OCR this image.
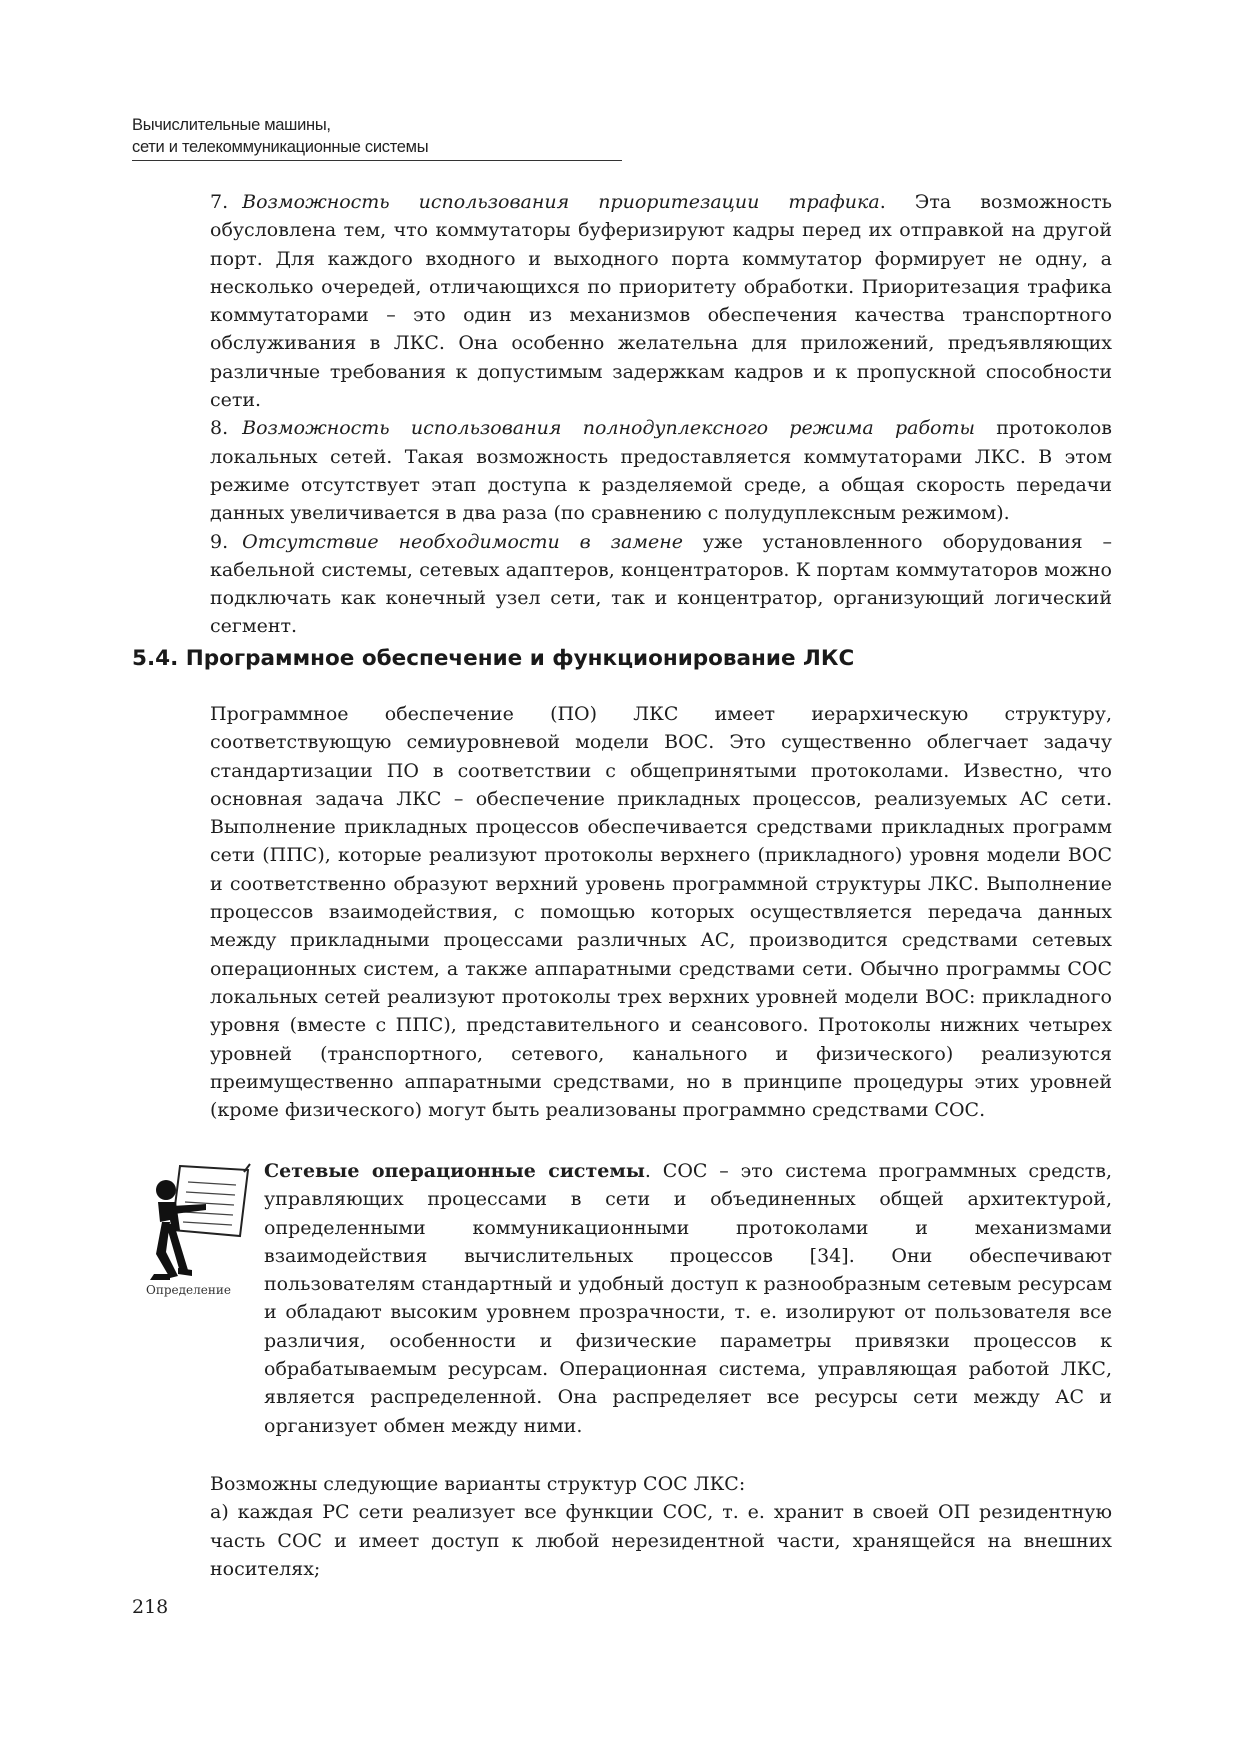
Вычислительные машины,
сети и телекоммуникационные системы

7. Возможность использования приоритезации трафика. Эта возможность обусловлена тем, что коммутаторы буферизируют кадры перед их отправкой на другой порт. Для каждого входного и выходного порта коммутатор формирует не одну, а несколько очередей, отличающихся по приоритету обработки. Приоритезация трафика коммутаторами – это один из механизмов обеспечения качества транспортного обслуживания в ЛКС. Она особенно желательна для приложений, предъявляющих различные требования к допустимым задержкам кадров и к пропускной способности сети.

8. Возможность использования полнодуплексного режима работы протоколов локальных сетей. Такая возможность предоставляется коммутаторами ЛКС. В этом режиме отсутствует этап доступа к разделяемой среде, а общая скорость передачи данных увеличивается в два раза (по сравнению с полудуплексным режимом).

9. Отсутствие необходимости в замене уже установленного оборудования – кабельной системы, сетевых адаптеров, концентраторов. К портам коммутаторов можно подключать как конечный узел сети, так и концентратор, организующий логический сегмент.

5.4. Программное обеспечение и функционирование ЛКС

Программное обеспечение (ПО) ЛКС имеет иерархическую структуру, соответствующую семиуровневой модели ВОС. Это существенно облегчает задачу стандартизации ПО в соответствии с общепринятыми протоколами. Известно, что основная задача ЛКС – обеспечение прикладных процессов, реализуемых АС сети. Выполнение прикладных процессов обеспечивается средствами прикладных программ сети (ППС), которые реализуют протоколы верхнего (прикладного) уровня модели ВОС и соответственно образуют верхний уровень программной структуры ЛКС. Выполнение процессов взаимодействия, с помощью которых осуществляется передача данных между прикладными процессами различных АС, производится средствами сетевых операционных систем, а также аппаратными средствами сети. Обычно программы СОС локальных сетей реализуют протоколы трех верхних уровней модели ВОС: прикладного уровня (вместе с ППС), представительного и сеансового. Протоколы нижних четырех уровней (транспортного, сетевого, канального и физического) реализуются преимущественно аппаратными средствами, но в принципе процедуры этих уровней (кроме физического) могут быть реализованы программно средствами СОС.

Определение

Сетевые операционные системы. СОС – это система программных средств, управляющих процессами в сети и объединенных общей архитектурой, определенными коммуникационными протоколами и механизмами взаимодействия вычислительных процессов [34]. Они обеспечивают пользователям стандартный и удобный доступ к разнообразным сетевым ресурсам и обладают высоким уровнем прозрачности, т. е. изолируют от пользователя все различия, особенности и физические параметры привязки процессов к обрабатываемым ресурсам. Операционная система, управляющая работой ЛКС, является распределенной. Она распределяет все ресурсы сети между АС и организует обмен между ними.

Возможны следующие варианты структур СОС ЛКС:

а) каждая РС сети реализует все функции СОС, т. е. хранит в своей ОП резидентную часть СОС и имеет доступ к любой нерезидентной части, хранящейся на внешних носителях;

218
